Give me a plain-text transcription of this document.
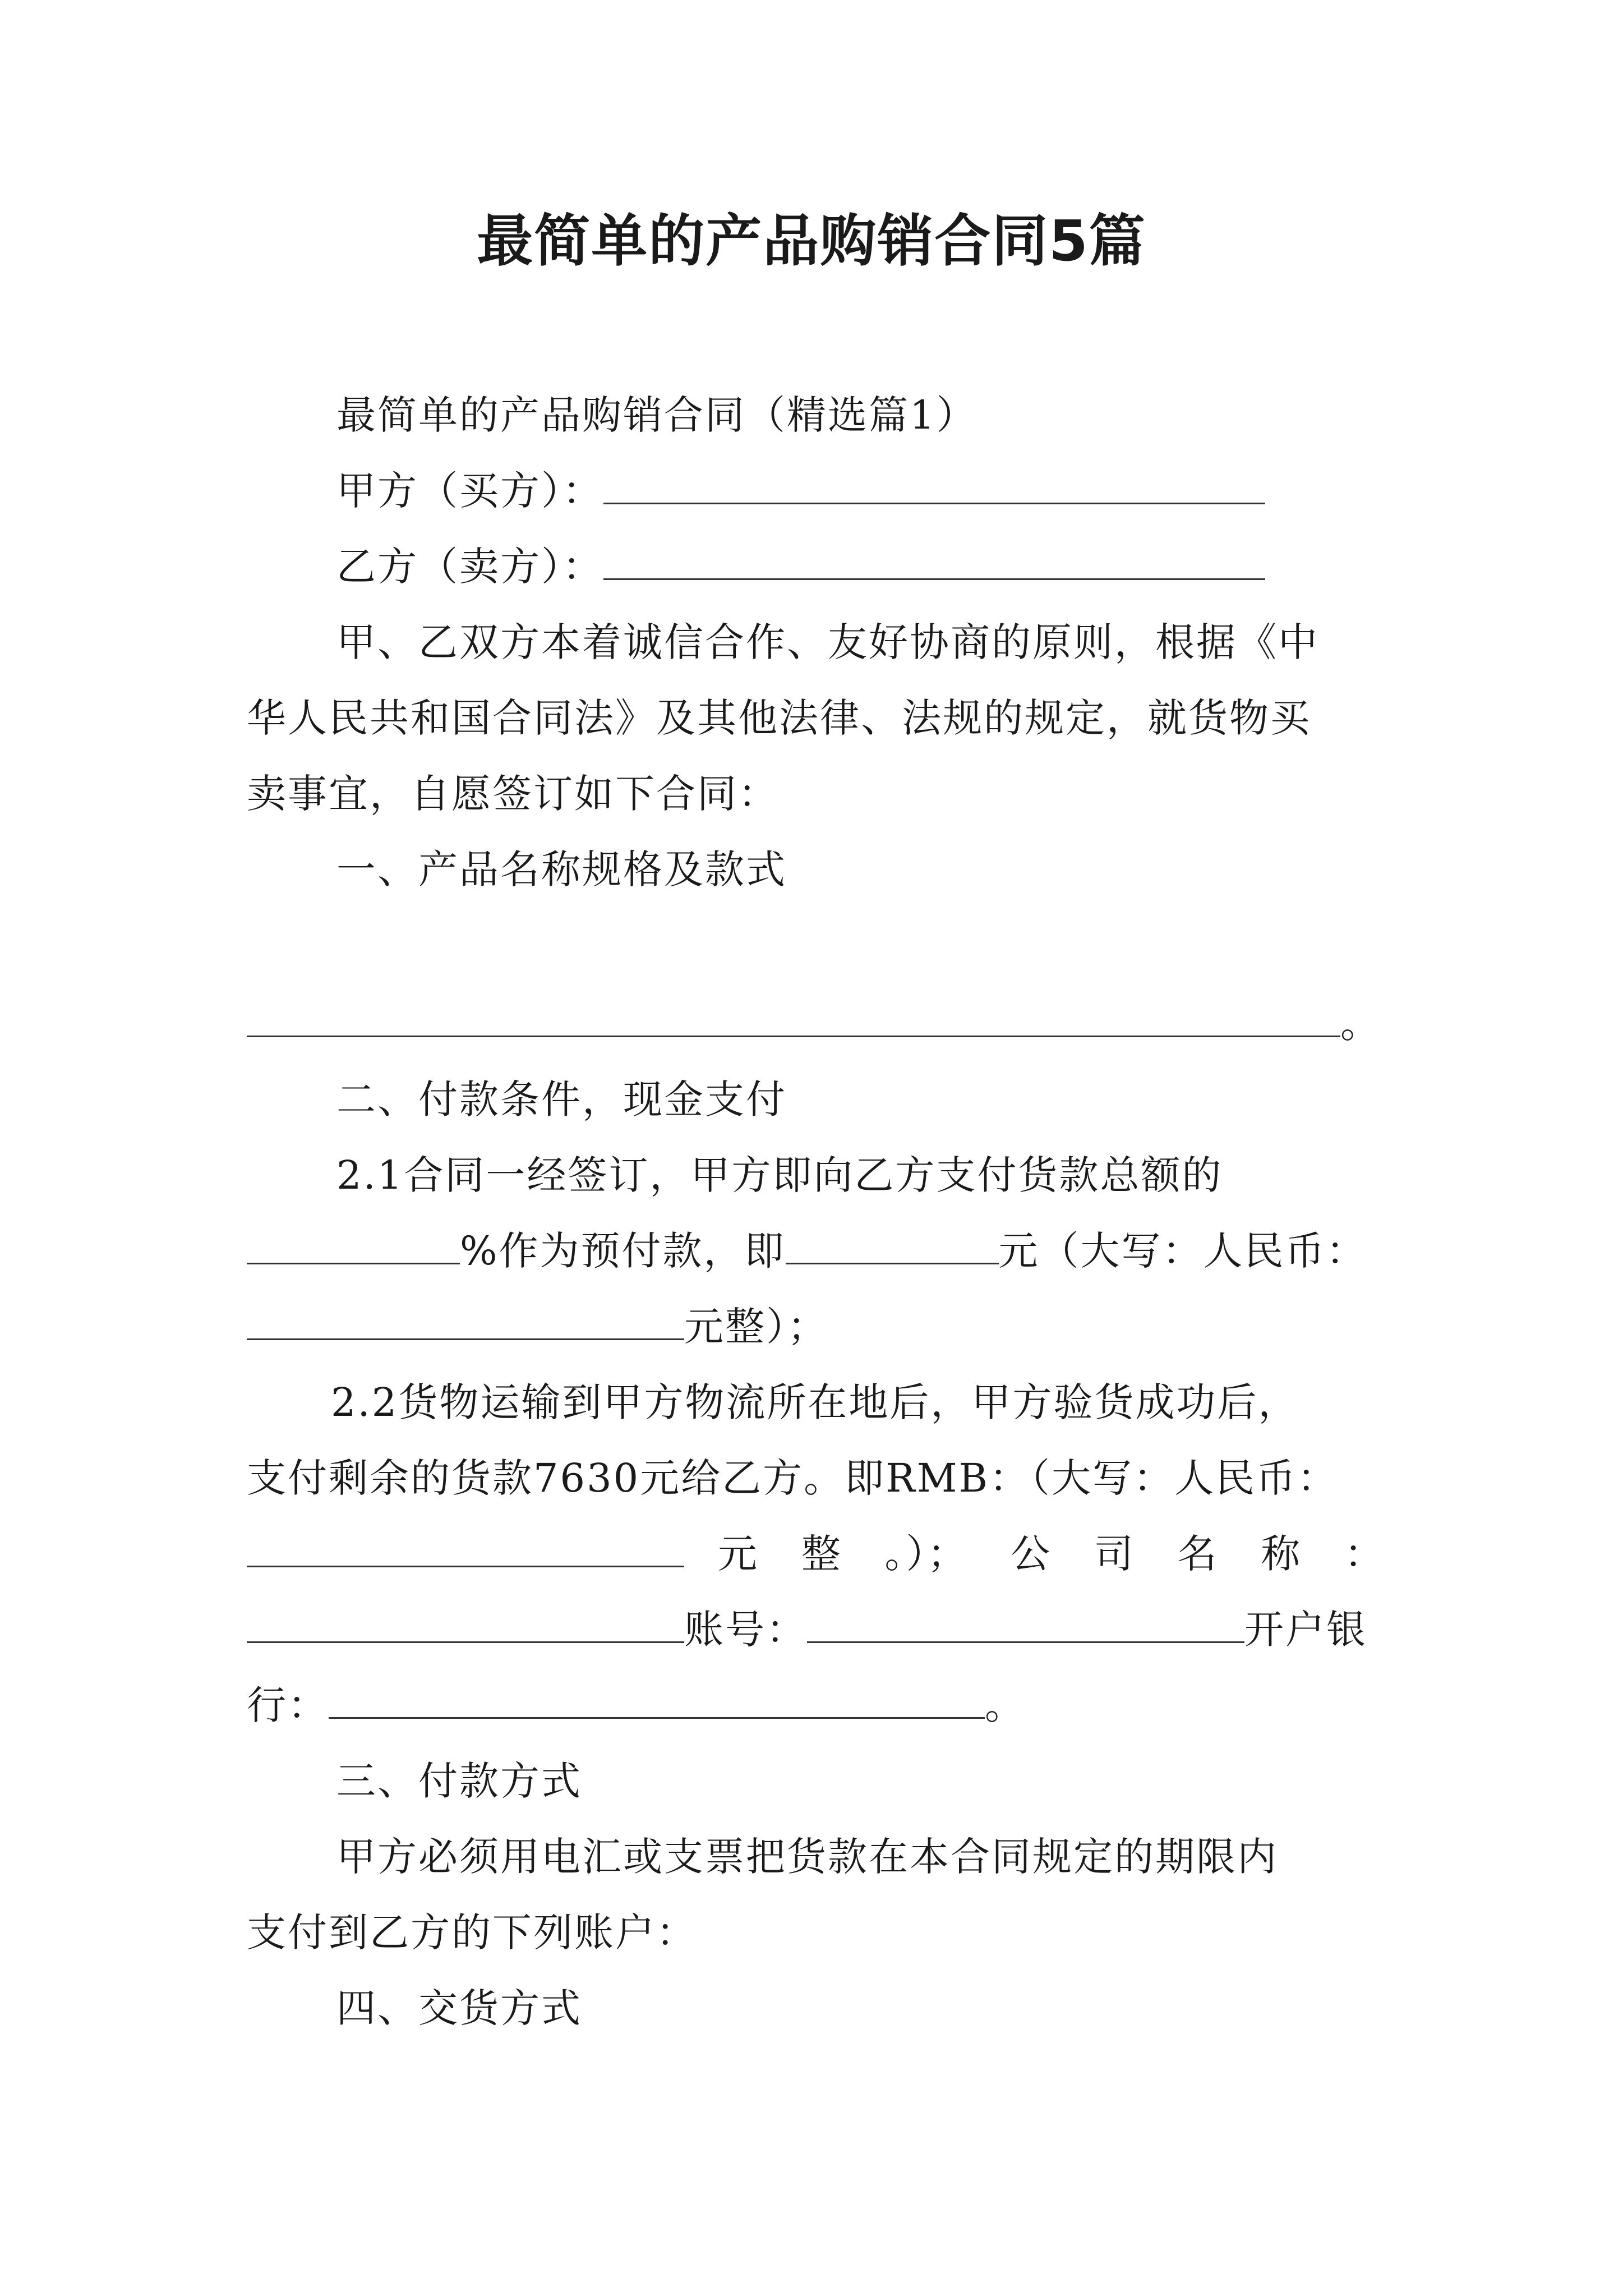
最简单的产品购销合同5篇
最简单的产品购销合同（精选篇1）
甲方（买方）：
乙方（卖方）：
甲、乙双方本着诚信合作、友好协商的原则，根据《中
华人民共和国合同法》及其他法律、法规的规定，就货物买
卖事宜，自愿签订如下合同：
一、产品名称规格及款式
。
二、付款条件，现金支付
2.1合同一经签订，甲方即向乙方支付货款总额的
%作为预付款，即	元（大写：人民币：
元整）；
2.2货物运输到甲方物流所在地后，甲方验货成功后，
支付剩余的货款7630元给乙方。即RMB：（大写：人民币：
元 整 。）； 公 司 名 称 ：
账号：	开户银
行：	。
三、付款方式
甲方必须用电汇或支票把货款在本合同规定的期限内
支付到乙方的下列账户：
四、交货方式
